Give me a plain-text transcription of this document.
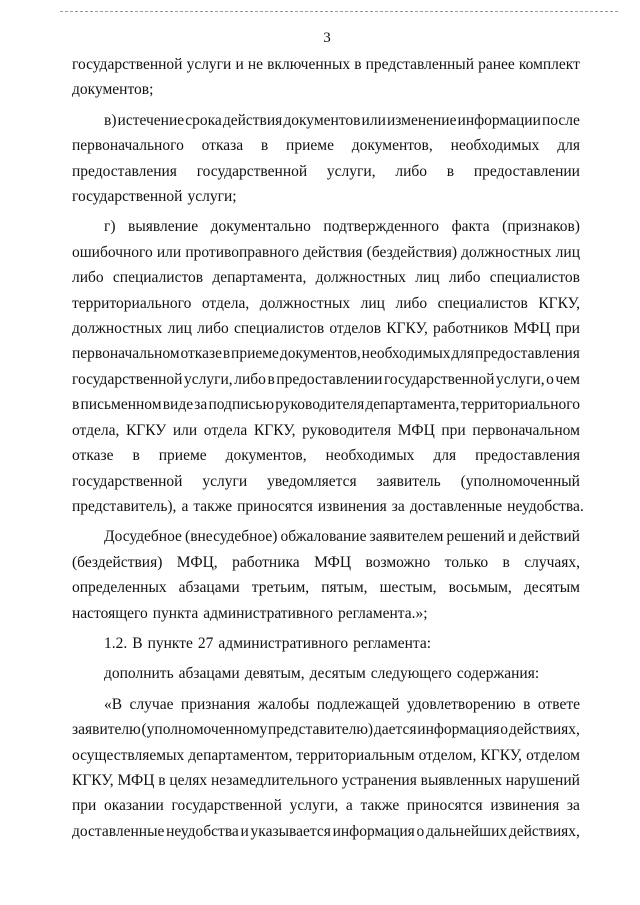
3
государственной услуги и не включенных в представленный ранее комплект
документов;
в) истечение срока действия документов или изменение информации после
первоначального отказа в приеме документов, необходимых для
предоставления государственной услуги, либо в предоставлении
государственной услуги;
г) выявление документально подтвержденного факта (признаков)
ошибочного или противоправного действия (бездействия) должностных лиц
либо специалистов департамента, должностных лиц либо специалистов
территориального отдела, должностных лиц либо специалистов КГКУ,
должностных лиц либо специалистов отделов КГКУ, работников МФЦ при
первоначальном отказе в приеме документов, необходимых для предоставления
государственной услуги, либо в предоставлении государственной услуги, о чем
в письменном виде за подписью руководителя департамента, территориального
отдела, КГКУ или отдела КГКУ, руководителя МФЦ при первоначальном
отказе в приеме документов, необходимых для предоставления
государственной услуги уведомляется заявитель (уполномоченный
представитель), а также приносятся извинения за доставленные неудобства.
Досудебное (внесудебное) обжалование заявителем решений и действий
(бездействия) МФЦ, работника МФЦ возможно только в случаях,
определенных абзацами третьим, пятым, шестым, восьмым, десятым
настоящего пункта административного регламента.»;
1.2. В пункте 27 административного регламента:
дополнить абзацами девятым, десятым следующего содержания:
«В случае признания жалобы подлежащей удовлетворению в ответе
заявителю (уполномоченному представителю) дается информация о действиях,
осуществляемых департаментом, территориальным отделом, КГКУ, отделом
КГКУ, МФЦ в целях незамедлительного устранения выявленных нарушений
при оказании государственной услуги, а также приносятся извинения за
доставленные неудобства и указывается информация о дальнейших действиях,
